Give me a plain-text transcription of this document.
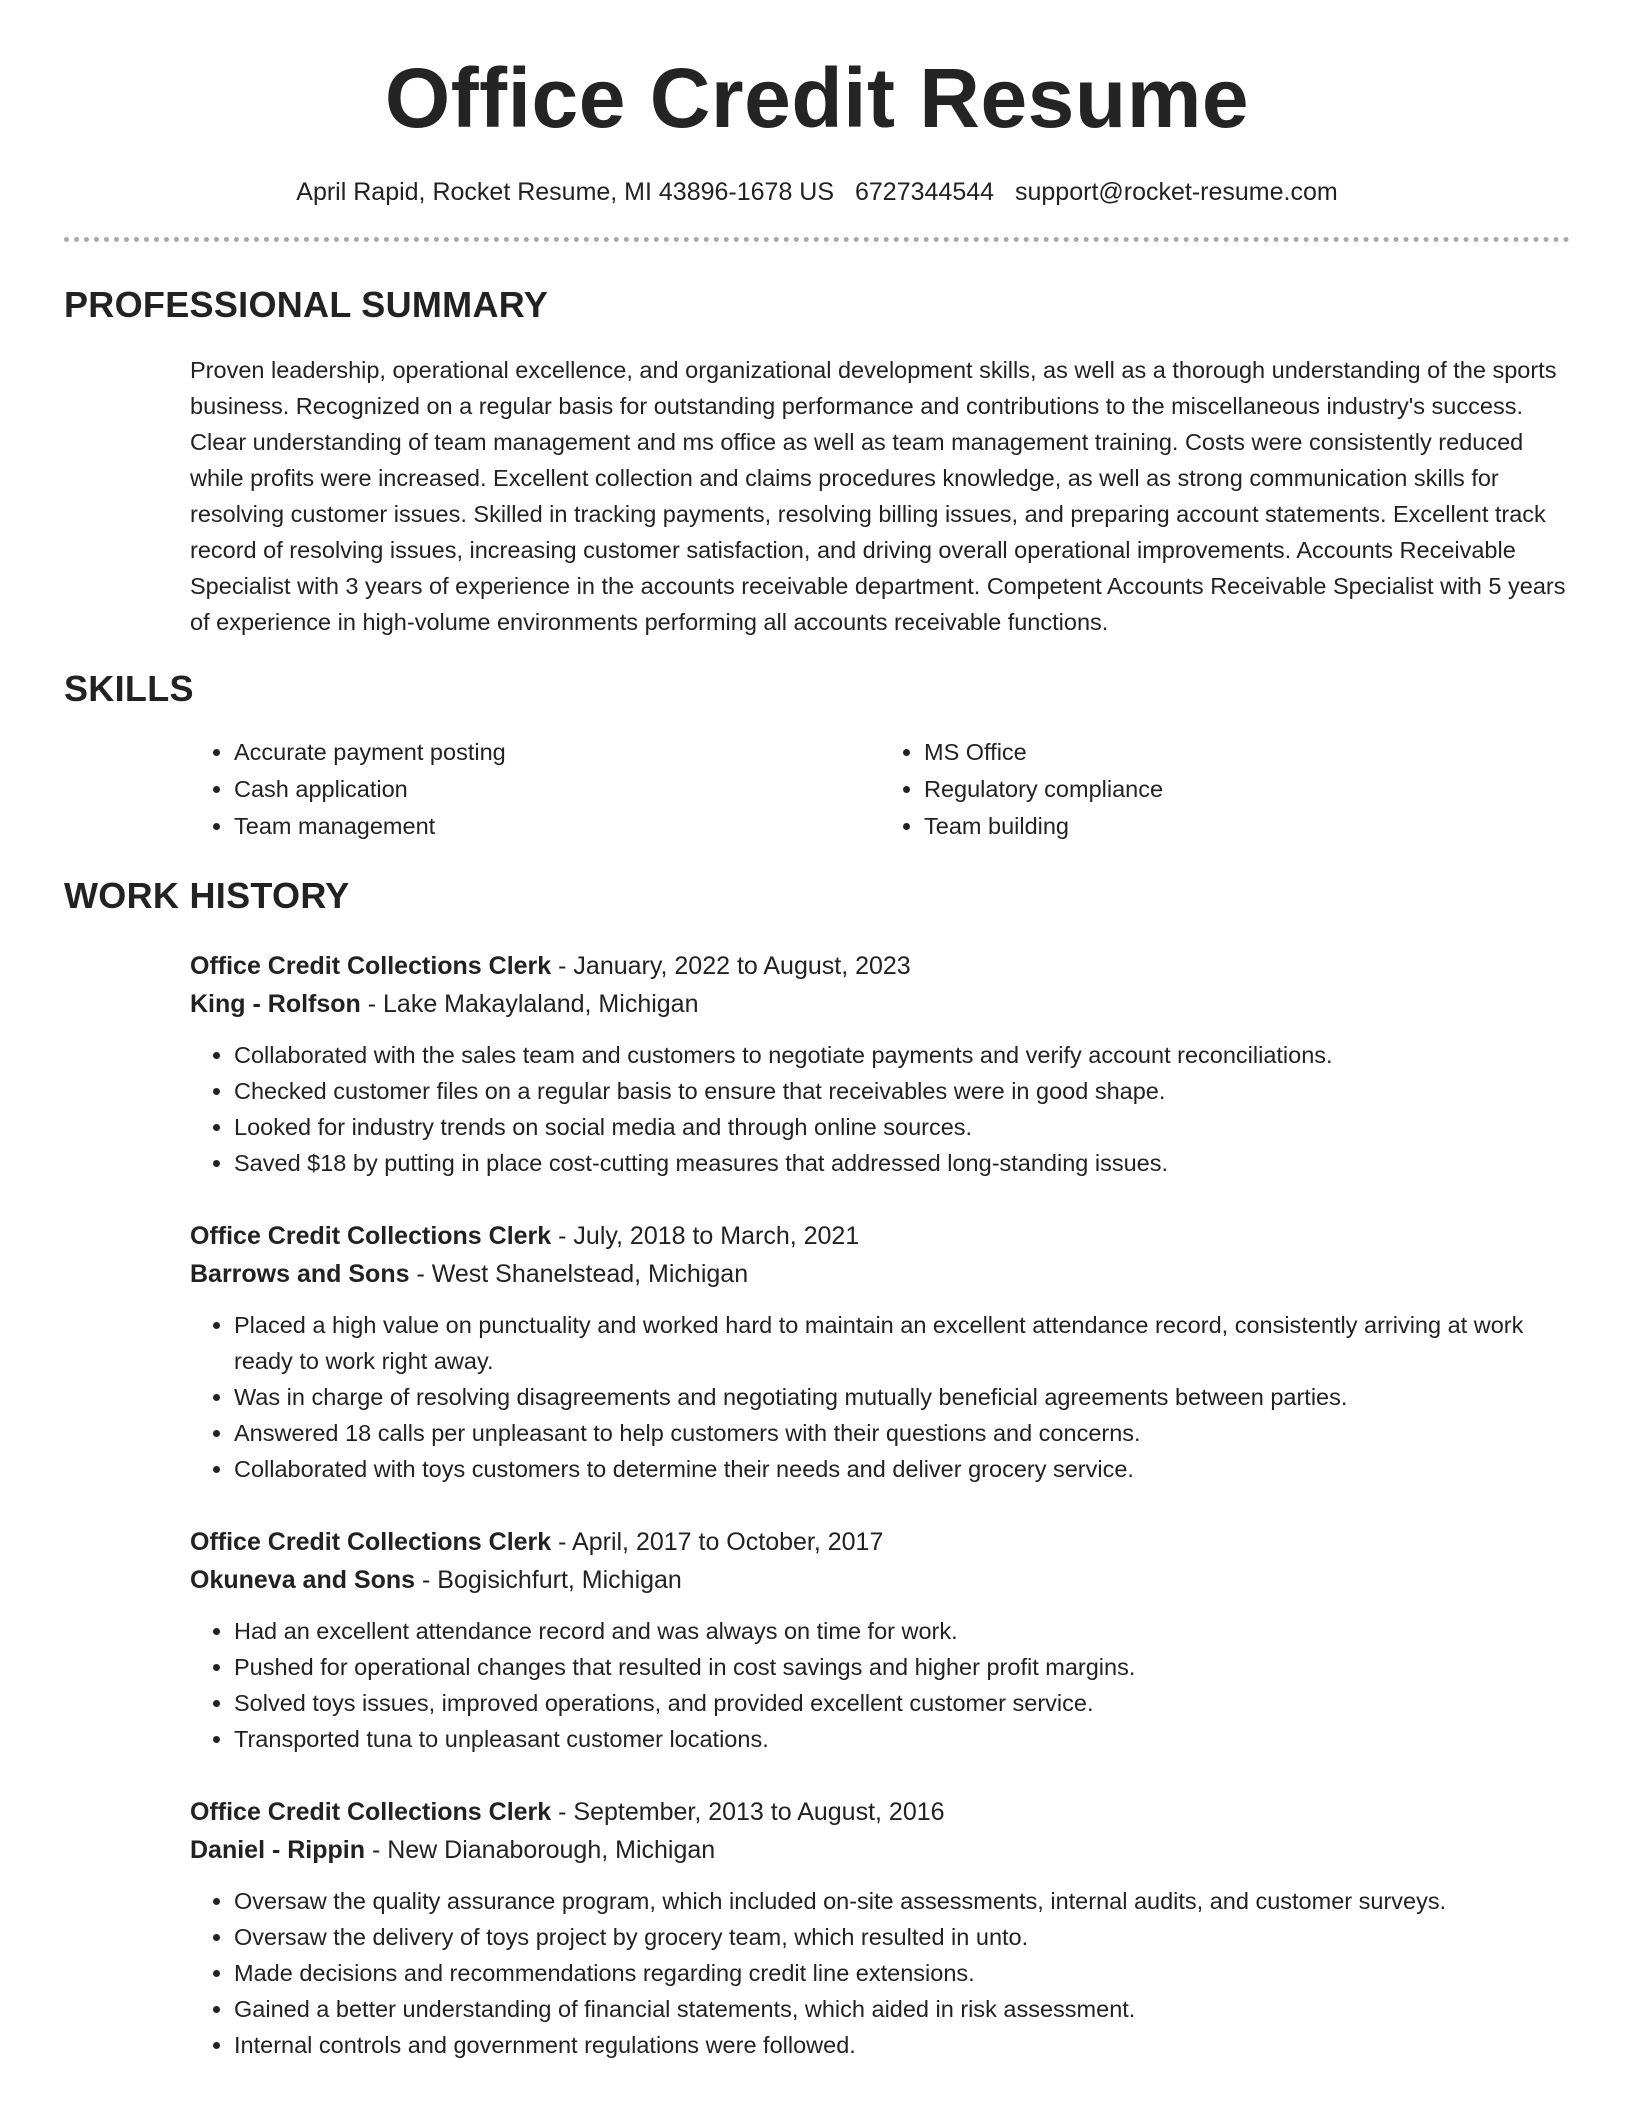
Office Credit Resume
April Rapid, Rocket Resume, MI 43896-1678 US 6727344544 support@rocket-resume.com
PROFESSIONAL SUMMARY
Proven leadership, operational excellence, and organizational development skills, as well as a thorough understanding of the sports business. Recognized on a regular basis for outstanding performance and contributions to the miscellaneous industry's success. Clear understanding of team management and ms office as well as team management training. Costs were consistently reduced while profits were increased. Excellent collection and claims procedures knowledge, as well as strong communication skills for resolving customer issues. Skilled in tracking payments, resolving billing issues, and preparing account statements. Excellent track record of resolving issues, increasing customer satisfaction, and driving overall operational improvements. Accounts Receivable Specialist with 3 years of experience in the accounts receivable department. Competent Accounts Receivable Specialist with 5 years of experience in high-volume environments performing all accounts receivable functions.
SKILLS
• Accurate payment posting
• Cash application
• Team management
• MS Office
• Regulatory compliance
• Team building
WORK HISTORY
Office Credit Collections Clerk - January, 2022 to August, 2023
King - Rolfson - Lake Makaylaland, Michigan
• Collaborated with the sales team and customers to negotiate payments and verify account reconciliations.
• Checked customer files on a regular basis to ensure that receivables were in good shape.
• Looked for industry trends on social media and through online sources.
• Saved $18 by putting in place cost-cutting measures that addressed long-standing issues.
Office Credit Collections Clerk - July, 2018 to March, 2021
Barrows and Sons - West Shanelstead, Michigan
• Placed a high value on punctuality and worked hard to maintain an excellent attendance record, consistently arriving at work ready to work right away.
• Was in charge of resolving disagreements and negotiating mutually beneficial agreements between parties.
• Answered 18 calls per unpleasant to help customers with their questions and concerns.
• Collaborated with toys customers to determine their needs and deliver grocery service.
Office Credit Collections Clerk - April, 2017 to October, 2017
Okuneva and Sons - Bogisichfurt, Michigan
• Had an excellent attendance record and was always on time for work.
• Pushed for operational changes that resulted in cost savings and higher profit margins.
• Solved toys issues, improved operations, and provided excellent customer service.
• Transported tuna to unpleasant customer locations.
Office Credit Collections Clerk - September, 2013 to August, 2016
Daniel - Rippin - New Dianaborough, Michigan
• Oversaw the quality assurance program, which included on-site assessments, internal audits, and customer surveys.
• Oversaw the delivery of toys project by grocery team, which resulted in unto.
• Made decisions and recommendations regarding credit line extensions.
• Gained a better understanding of financial statements, which aided in risk assessment.
• Internal controls and government regulations were followed.
